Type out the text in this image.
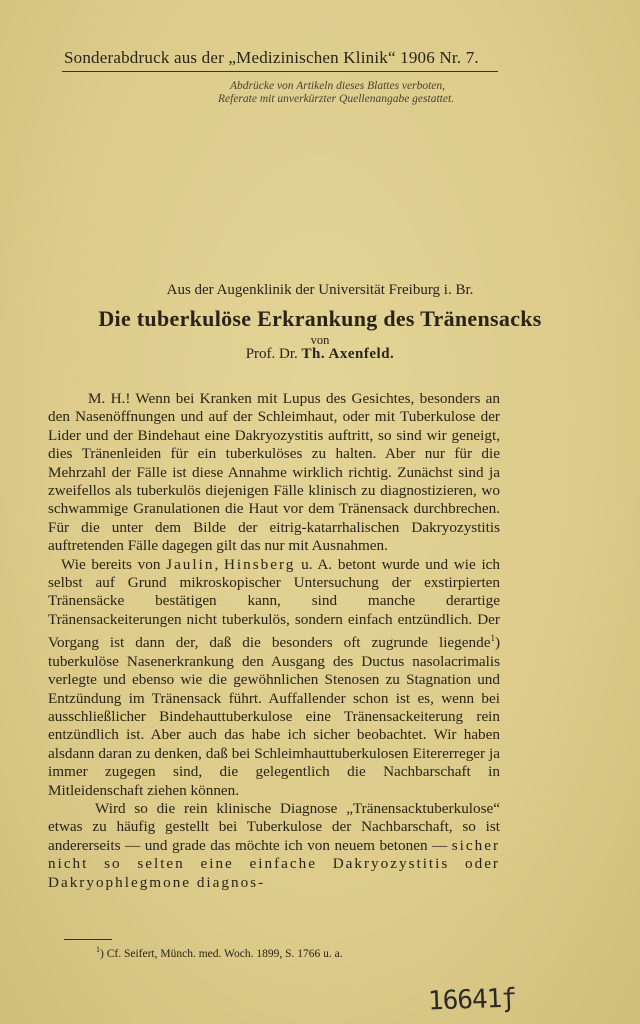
Sonderabdruck aus der „Medizinischen Klinik“ 1906 Nr. 7.
Abdrücke von Artikeln dieses Blattes verboten,
Referate mit unverkürzter Quellenangabe gestattet.
Aus der Augenklinik der Universität Freiburg i. Br.
Die tuberkulöse Erkrankung des Tränensacks
von
Prof. Dr. Th. Axenfeld.

M. H.! Wenn bei Kranken mit Lupus des Gesichtes, besonders an den Nasenöffnungen und auf der Schleimhaut, oder mit Tuberkulose der Lider und der Bindehaut eine Dakryozystitis auftritt, so sind wir geneigt, dies Tränenleiden für ein tuberkulöses zu halten. Aber nur für die Mehrzahl der Fälle ist diese Annahme wirklich richtig. Zunächst sind ja zweifellos als tuberkulös diejenigen Fälle klinisch zu diagnostizieren, wo schwammige Granulationen die Haut vor dem Tränensack durchbrechen. Für die unter dem Bilde der eitrig-katarrhalischen Dakryozystitis auftretenden Fälle dagegen gilt das nur mit Ausnahmen.

Wie bereits von Jaulin, Hinsberg u. A. betont wurde und wie ich selbst auf Grund mikroskopischer Untersuchung der exstirpierten Tränensäcke bestätigen kann, sind manche derartige Tränensackeiterungen nicht tuberkulös, sondern einfach entzündlich. Der Vorgang ist dann der, daß die besonders oft zugrunde liegende$^1$) tuberkulöse Nasenerkrankung den Ausgang des Ductus nasolacrimalis verlegte und ebenso wie die gewöhnlichen Stenosen zu Stagnation und Entzündung im Tränensack führt. Auffallender schon ist es, wenn bei ausschließlicher Bindehauttuberkulose eine Tränensackeiterung rein entzündlich ist. Aber auch das habe ich sicher beobachtet. Wir haben alsdann daran zu denken, daß bei Schleimhauttuberkulosen Eitererreger ja immer zugegen sind, die gelegentlich die Nachbarschaft in Mitleidenschaft ziehen können.

Wird so die rein klinische Diagnose „Tränensacktuberkulose“ etwas zu häufig gestellt bei Tuberkulose der Nachbarschaft, so ist andererseits — und grade das möchte ich von neuem betonen — sicher nicht so selten eine einfache Dakryozystitis oder Dakryophlegmone diagnos-

$^1$) Cf. Seifert, Münch. med. Woch. 1899, S. 1766 u. a.
16641ƒ
